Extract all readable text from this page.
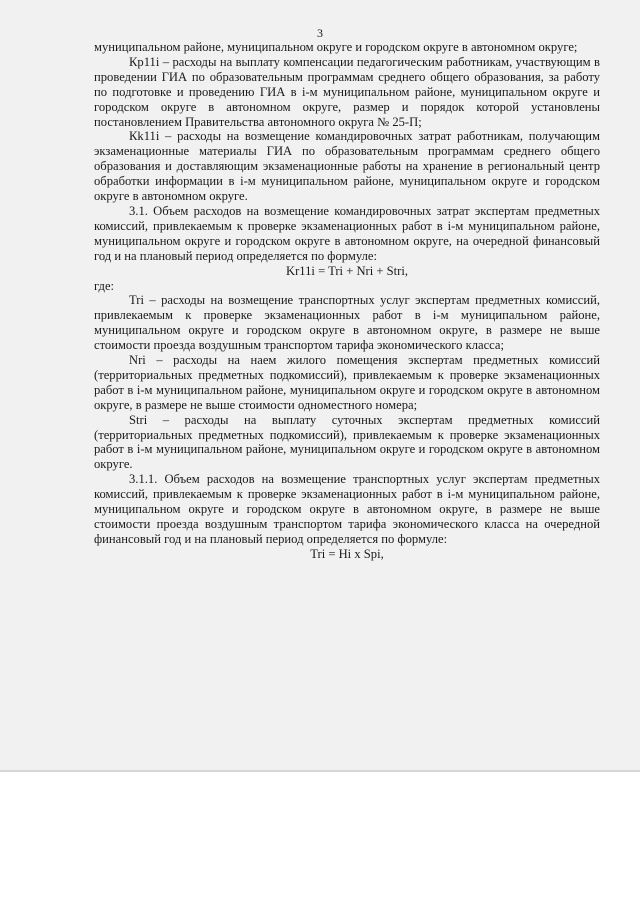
3

муниципальном районе, муниципальном округе и городском округе в автономном округе;

Кр11i – расходы на выплату компенсации педагогическим работникам, участвующим в проведении ГИА по образовательным программам среднего общего образования, за работу по подготовке и проведению ГИА в i-м муниципальном районе, муниципальном округе и городском округе в автономном округе, размер и порядок которой установлены постановлением Правительства автономного округа № 25-П;

Кk11i – расходы на возмещение командировочных затрат работникам, получающим экзаменационные материалы ГИА по образовательным программам среднего общего образования и доставляющим экзаменационные работы на хранение в региональный центр обработки информации в i-м муниципальном районе, муниципальном округе и городском округе в автономном округе.

3.1. Объем расходов на возмещение командировочных затрат экспертам предметных комиссий, привлекаемым к проверке экзаменационных работ в i-м муниципальном районе, муниципальном округе и городском округе в автономном округе, на очередной финансовый год и на плановый период определяется по формуле:

Kr11i = Tri + Nri + Stri,

где:

Tri – расходы на возмещение транспортных услуг экспертам предметных комиссий, привлекаемым к проверке экзаменационных работ в i-м муниципальном районе, муниципальном округе и городском округе в автономном округе, в размере не выше стоимости проезда воздушным транспортом тарифа экономического класса;

Nri – расходы на наем жилого помещения экспертам предметных комиссий (территориальных предметных подкомиссий), привлекаемым к проверке экзаменационных работ в i-м муниципальном районе, муниципальном округе и городском округе в автономном округе, в размере не выше стоимости одноместного номера;

Stri – расходы на выплату суточных экспертам предметных комиссий (территориальных предметных подкомиссий), привлекаемым к проверке экзаменационных работ в i-м муниципальном районе, муниципальном округе и городском округе в автономном округе.

3.1.1. Объем расходов на возмещение транспортных услуг экспертам предметных комиссий, привлекаемым к проверке экзаменационных работ в i-м муниципальном районе, муниципальном округе и городском округе в автономном округе, в размере не выше стоимости проезда воздушным транспортом тарифа экономического класса на очередной финансовый год и на плановый период определяется по формуле:

Tri = Hi x Spi,
